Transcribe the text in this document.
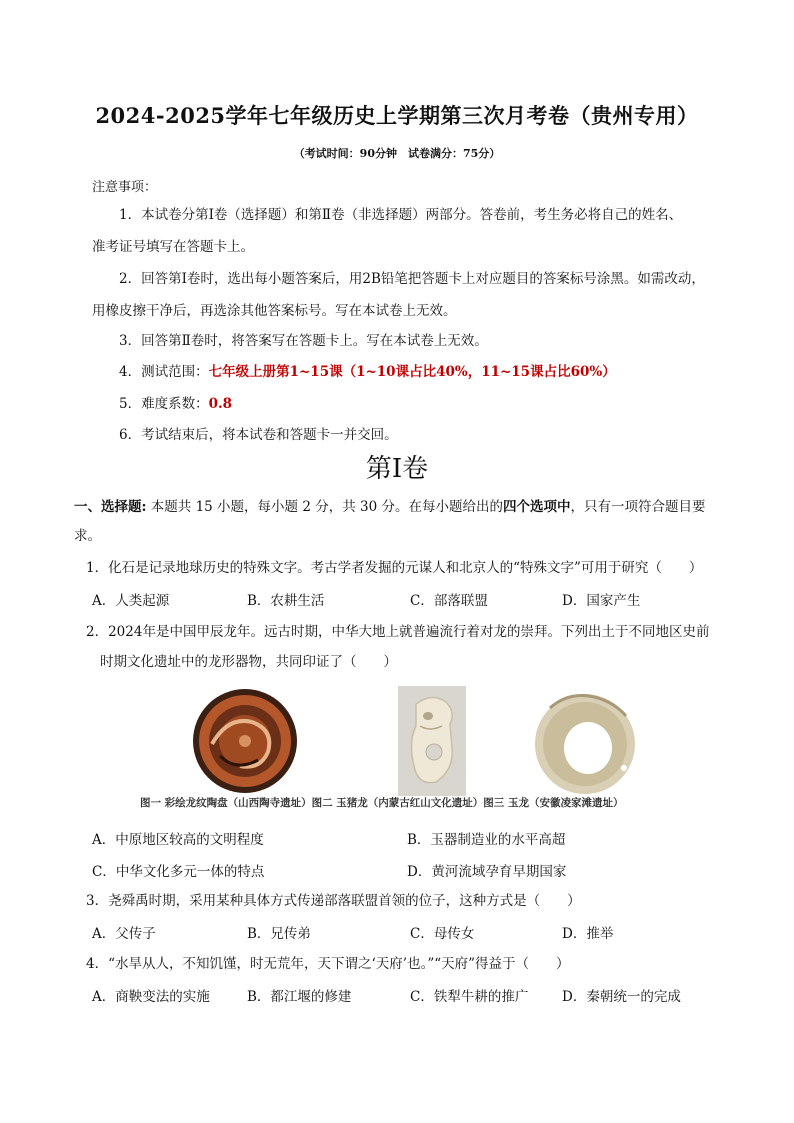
2024-2025学年七年级历史上学期第三次月考卷（贵州专用）
（考试时间：90分钟　试卷满分：75分）
注意事项：
1．本试卷分第Ⅰ卷（选择题）和第Ⅱ卷（非选择题）两部分。答卷前，考生务必将自己的姓名、
准考证号填写在答题卡上。
2．回答第Ⅰ卷时，选出每小题答案后，用2B铅笔把答题卡上对应题目的答案标号涂黑。如需改动，
用橡皮擦干净后，再选涂其他答案标号。写在本试卷上无效。
3．回答第Ⅱ卷时，将答案写在答题卡上。写在本试卷上无效。
4．测试范围：七年级上册第1~15课（1~10课占比40%，11~15课占比60%）
5．难度系数：0.8
6．考试结束后，将本试卷和答题卡一并交回。
第Ⅰ卷
一、选择题: 本题共 15 小题，每小题 2 分，共 30 分。在每小题给出的四个选项中，只有一项符合题目要
求。
1．化石是记录地球历史的特殊文字。考古学者发掘的元谋人和北京人的“特殊文字”可用于研究（　　）
A．人类起源	B．农耕生活	C．部落联盟	D．国家产生
2．2024年是中国甲辰龙年。远古时期，中华大地上就普遍流行着对龙的崇拜。下列出土于不同地区史前
时期文化遗址中的龙形器物，共同印证了（　　）
图一 彩绘龙纹陶盘（山西陶寺遗址）图二 玉猪龙（内蒙古红山文化遗址）图三 玉龙（安徽凌家滩遗址）
A．中原地区较高的文明程度	B．玉器制造业的水平高超
C．中华文化多元一体的特点	D．黄河流域孕育早期国家
3．尧舜禹时期，采用某种具体方式传递部落联盟首领的位子，这种方式是（　　）
A．父传子	B．兄传弟	C．母传女	D．推举
4．“水旱从人，不知饥馑，时无荒年，天下谓之‘天府’也。”“天府”得益于（　　）
A．商鞅变法的实施	B．都江堰的修建	C．铁犁牛耕的推广 D．秦朝统一的完成
